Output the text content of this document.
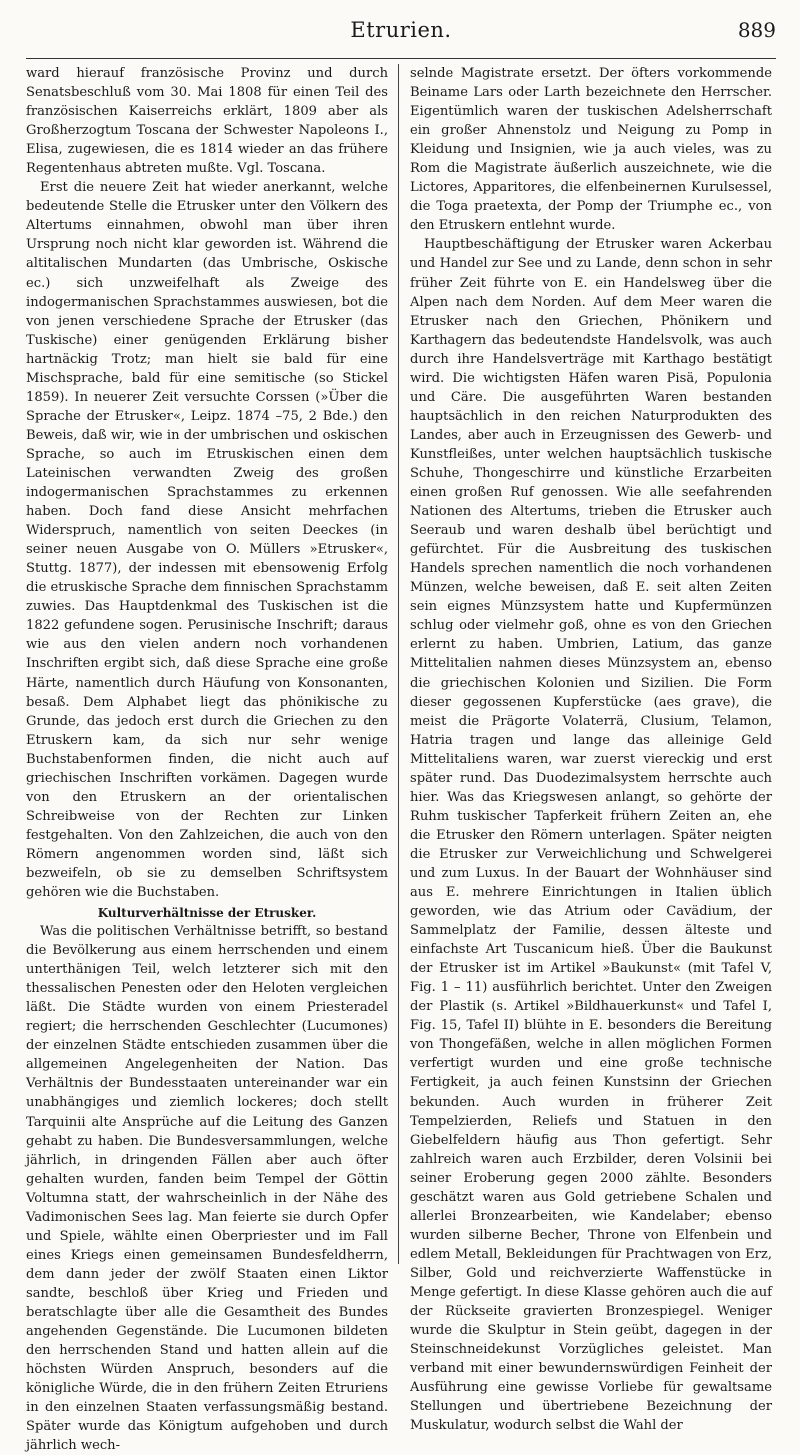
Etrurien.	889

ward hierauf französische Provinz und durch Senatsbeschluß vom 30. Mai 1808 für einen Teil des französischen Kaiserreichs erklärt, 1809 aber als Großherzogtum Toscana der Schwester Napoleons I., Elisa, zugewiesen, die es 1814 wieder an das frühere Regentenhaus abtreten mußte. Vgl. Toscana.

Erst die neuere Zeit hat wieder anerkannt, welche bedeutende Stelle die Etrusker unter den Völkern des Altertums einnahmen, obwohl man über ihren Ursprung noch nicht klar geworden ist. Während die altitalischen Mundarten (das Umbrische, Oskische ec.) sich unzweifelhaft als Zweige des indogermanischen Sprachstammes auswiesen, bot die von jenen verschiedene Sprache der Etrusker (das Tuskische) einer genügenden Erklärung bisher hartnäckig Trotz; man hielt sie bald für eine Mischsprache, bald für eine semitische (so Stickel 1859). In neuerer Zeit versuchte Corssen (»Über die Sprache der Etrusker«, Leipz. 1874 –75, 2 Bde.) den Beweis, daß wir, wie in der umbrischen und oskischen Sprache, so auch im Etruskischen einen dem Lateinischen verwandten Zweig des großen indogermanischen Sprachstammes zu erkennen haben. Doch fand diese Ansicht mehrfachen Widerspruch, namentlich von seiten Deeckes (in seiner neuen Ausgabe von O. Müllers »Etrusker«, Stuttg. 1877), der indessen mit ebensowenig Erfolg die etruskische Sprache dem finnischen Sprachstamm zuwies. Das Hauptdenkmal des Tuskischen ist die 1822 gefundene sogen. Perusinische Inschrift; daraus wie aus den vielen andern noch vorhandenen Inschriften ergibt sich, daß diese Sprache eine große Härte, namentlich durch Häufung von Konsonanten, besaß. Dem Alphabet liegt das phönikische zu Grunde, das jedoch erst durch die Griechen zu den Etruskern kam, da sich nur sehr wenige Buchstabenformen finden, die nicht auch auf griechischen Inschriften vorkämen. Dagegen wurde von den Etruskern an der orientalischen Schreibweise von der Rechten zur Linken festgehalten. Von den Zahlzeichen, die auch von den Römern angenommen worden sind, läßt sich bezweifeln, ob sie zu demselben Schriftsystem gehören wie die Buchstaben.

Kulturverhältnisse der Etrusker.

Was die politischen Verhältnisse betrifft, so bestand die Bevölkerung aus einem herrschenden und einem unterthänigen Teil, welch letzterer sich mit den thessalischen Penesten oder den Heloten vergleichen läßt. Die Städte wurden von einem Priesteradel regiert; die herrschenden Geschlechter (Lucumones) der einzelnen Städte entschieden zusammen über die allgemeinen Angelegenheiten der Nation. Das Verhältnis der Bundesstaaten untereinander war ein unabhängiges und ziemlich lockeres; doch stellt Tarquinii alte Ansprüche auf die Leitung des Ganzen gehabt zu haben. Die Bundesversammlungen, welche jährlich, in dringenden Fällen aber auch öfter gehalten wurden, fanden beim Tempel der Göttin Voltumna statt, der wahrscheinlich in der Nähe des Vadimonischen Sees lag. Man feierte sie durch Opfer und Spiele, wählte einen Oberpriester und im Fall eines Kriegs einen gemeinsamen Bundesfeldherrn, dem dann jeder der zwölf Staaten einen Liktor sandte, beschloß über Krieg und Frieden und beratschlagte über alle die Gesamtheit des Bundes angehenden Gegenstände. Die Lucumonen bildeten den herrschenden Stand und hatten allein auf die höchsten Würden Anspruch, besonders auf die königliche Würde, die in den frühern Zeiten Etruriens in den einzelnen Staaten verfassungsmäßig bestand. Später wurde das Königtum aufgehoben und durch jährlich wech-

selnde Magistrate ersetzt. Der öfters vorkommende Beiname Lars oder Larth bezeichnete den Herrscher. Eigentümlich waren der tuskischen Adelsherrschaft ein großer Ahnenstolz und Neigung zu Pomp in Kleidung und Insignien, wie ja auch vieles, was zu Rom die Magistrate äußerlich auszeichnete, wie die Lictores, Apparitores, die elfenbeinernen Kurulsessel, die Toga praetexta, der Pomp der Triumphe ec., von den Etruskern entlehnt wurde.

Hauptbeschäftigung der Etrusker waren Ackerbau und Handel zur See und zu Lande, denn schon in sehr früher Zeit führte von E. ein Handelsweg über die Alpen nach dem Norden. Auf dem Meer waren die Etrusker nach den Griechen, Phönikern und Karthagern das bedeutendste Handelsvolk, was auch durch ihre Handelsverträge mit Karthago bestätigt wird. Die wichtigsten Häfen waren Pisä, Populonia und Cäre. Die ausgeführten Waren bestanden hauptsächlich in den reichen Naturprodukten des Landes, aber auch in Erzeugnissen des Gewerb- und Kunstfleißes, unter welchen hauptsächlich tuskische Schuhe, Thongeschirre und künstliche Erzarbeiten einen großen Ruf genossen. Wie alle seefahrenden Nationen des Altertums, trieben die Etrusker auch Seeraub und waren deshalb übel berüchtigt und gefürchtet. Für die Ausbreitung des tuskischen Handels sprechen namentlich die noch vorhandenen Münzen, welche beweisen, daß E. seit alten Zeiten sein eignes Münzsystem hatte und Kupfermünzen schlug oder vielmehr goß, ohne es von den Griechen erlernt zu haben. Umbrien, Latium, das ganze Mittelitalien nahmen dieses Münzsystem an, ebenso die griechischen Kolonien und Sizilien. Die Form dieser gegossenen Kupferstücke (aes grave), die meist die Prägorte Volaterrä, Clusium, Telamon, Hatria tragen und lange das alleinige Geld Mittelitaliens waren, war zuerst viereckig und erst später rund. Das Duodezimalsystem herrschte auch hier. Was das Kriegswesen anlangt, so gehörte der Ruhm tuskischer Tapferkeit frühern Zeiten an, ehe die Etrusker den Römern unterlagen. Später neigten die Etrusker zur Verweichlichung und Schwelgerei und zum Luxus. In der Bauart der Wohnhäuser sind aus E. mehrere Einrichtungen in Italien üblich geworden, wie das Atrium oder Cavädium, der Sammelplatz der Familie, dessen älteste und einfachste Art Tuscanicum hieß. Über die Baukunst der Etrusker ist im Artikel »Baukunst« (mit Tafel V, Fig. 1 – 11) ausführlich berichtet. Unter den Zweigen der Plastik (s. Artikel »Bildhauerkunst« und Tafel I, Fig. 15, Tafel II) blühte in E. besonders die Bereitung von Thongefäßen, welche in allen möglichen Formen verfertigt wurden und eine große technische Fertigkeit, ja auch feinen Kunstsinn der Griechen bekunden. Auch wurden in früherer Zeit Tempelzierden, Reliefs und Statuen in den Giebelfeldern häufig aus Thon gefertigt. Sehr zahlreich waren auch Erzbilder, deren Volsinii bei seiner Eroberung gegen 2000 zählte. Besonders geschätzt waren aus Gold getriebene Schalen und allerlei Bronzearbeiten, wie Kandelaber; ebenso wurden silberne Becher, Throne von Elfenbein und edlem Metall, Bekleidungen für Prachtwagen von Erz, Silber, Gold und reichverzierte Waffenstücke in Menge gefertigt. In diese Klasse gehören auch die auf der Rückseite gravierten Bronzespiegel. Weniger wurde die Skulptur in Stein geübt, dagegen in der Steinschneidekunst Vorzügliches geleistet. Man verband mit einer bewundernswürdigen Feinheit der Ausführung eine gewisse Vorliebe für gewaltsame Stellungen und übertriebene Bezeichnung der Muskulatur, wodurch selbst die Wahl der
